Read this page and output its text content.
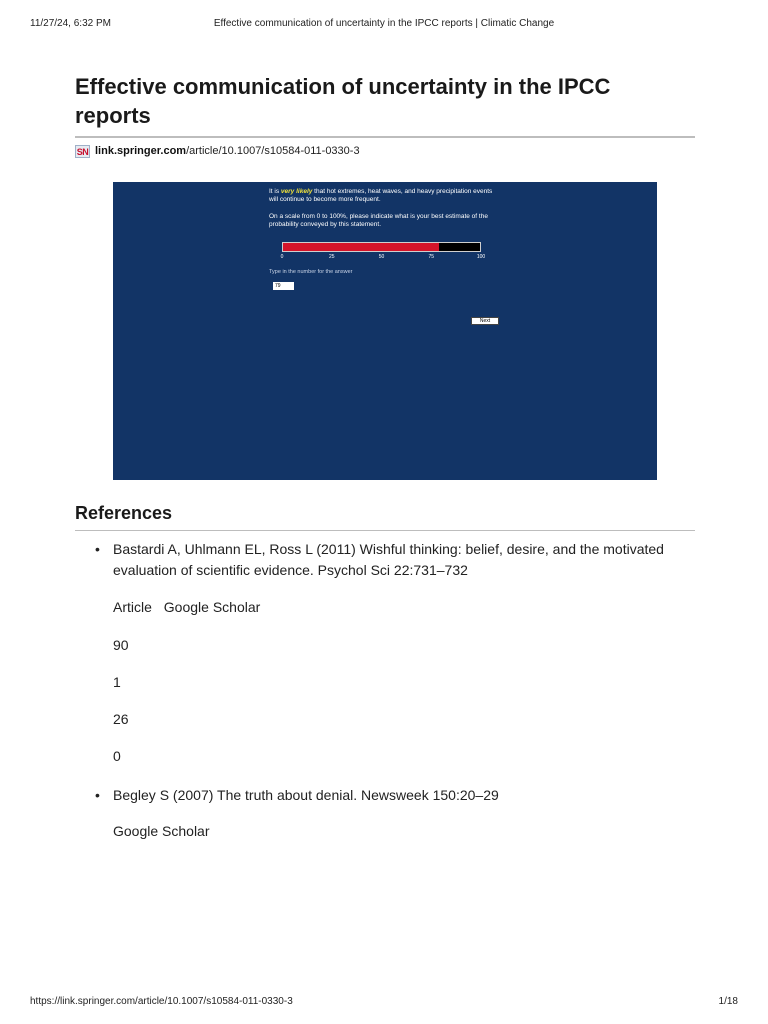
11/27/24, 6:32 PM	Effective communication of uncertainty in the IPCC reports | Climatic Change
Effective communication of uncertainty in the IPCC reports
SN link.springer.com /article/10.1007/s10584-011-0330-3
It is very likely that hot extremes, heat waves, and heavy precipitation events will continue to become more frequent.
On a scale from 0 to 100%, please indicate what is your best estimate of the probability conveyed by this statement.
0	25	50	75	100
Type in the number for the answer
79
Next
References
• Bastardi A, Uhlmann EL, Ross L (2011) Wishful thinking: belief, desire, and the motivated evaluation of scientific evidence. Psychol Sci 22:731–732
Article Google Scholar
90
1
26
0
• Begley S (2007) The truth about denial. Newsweek 150:20–29
Google Scholar
https://link.springer.com/article/10.1007/s10584-011-0330-3	1/18
